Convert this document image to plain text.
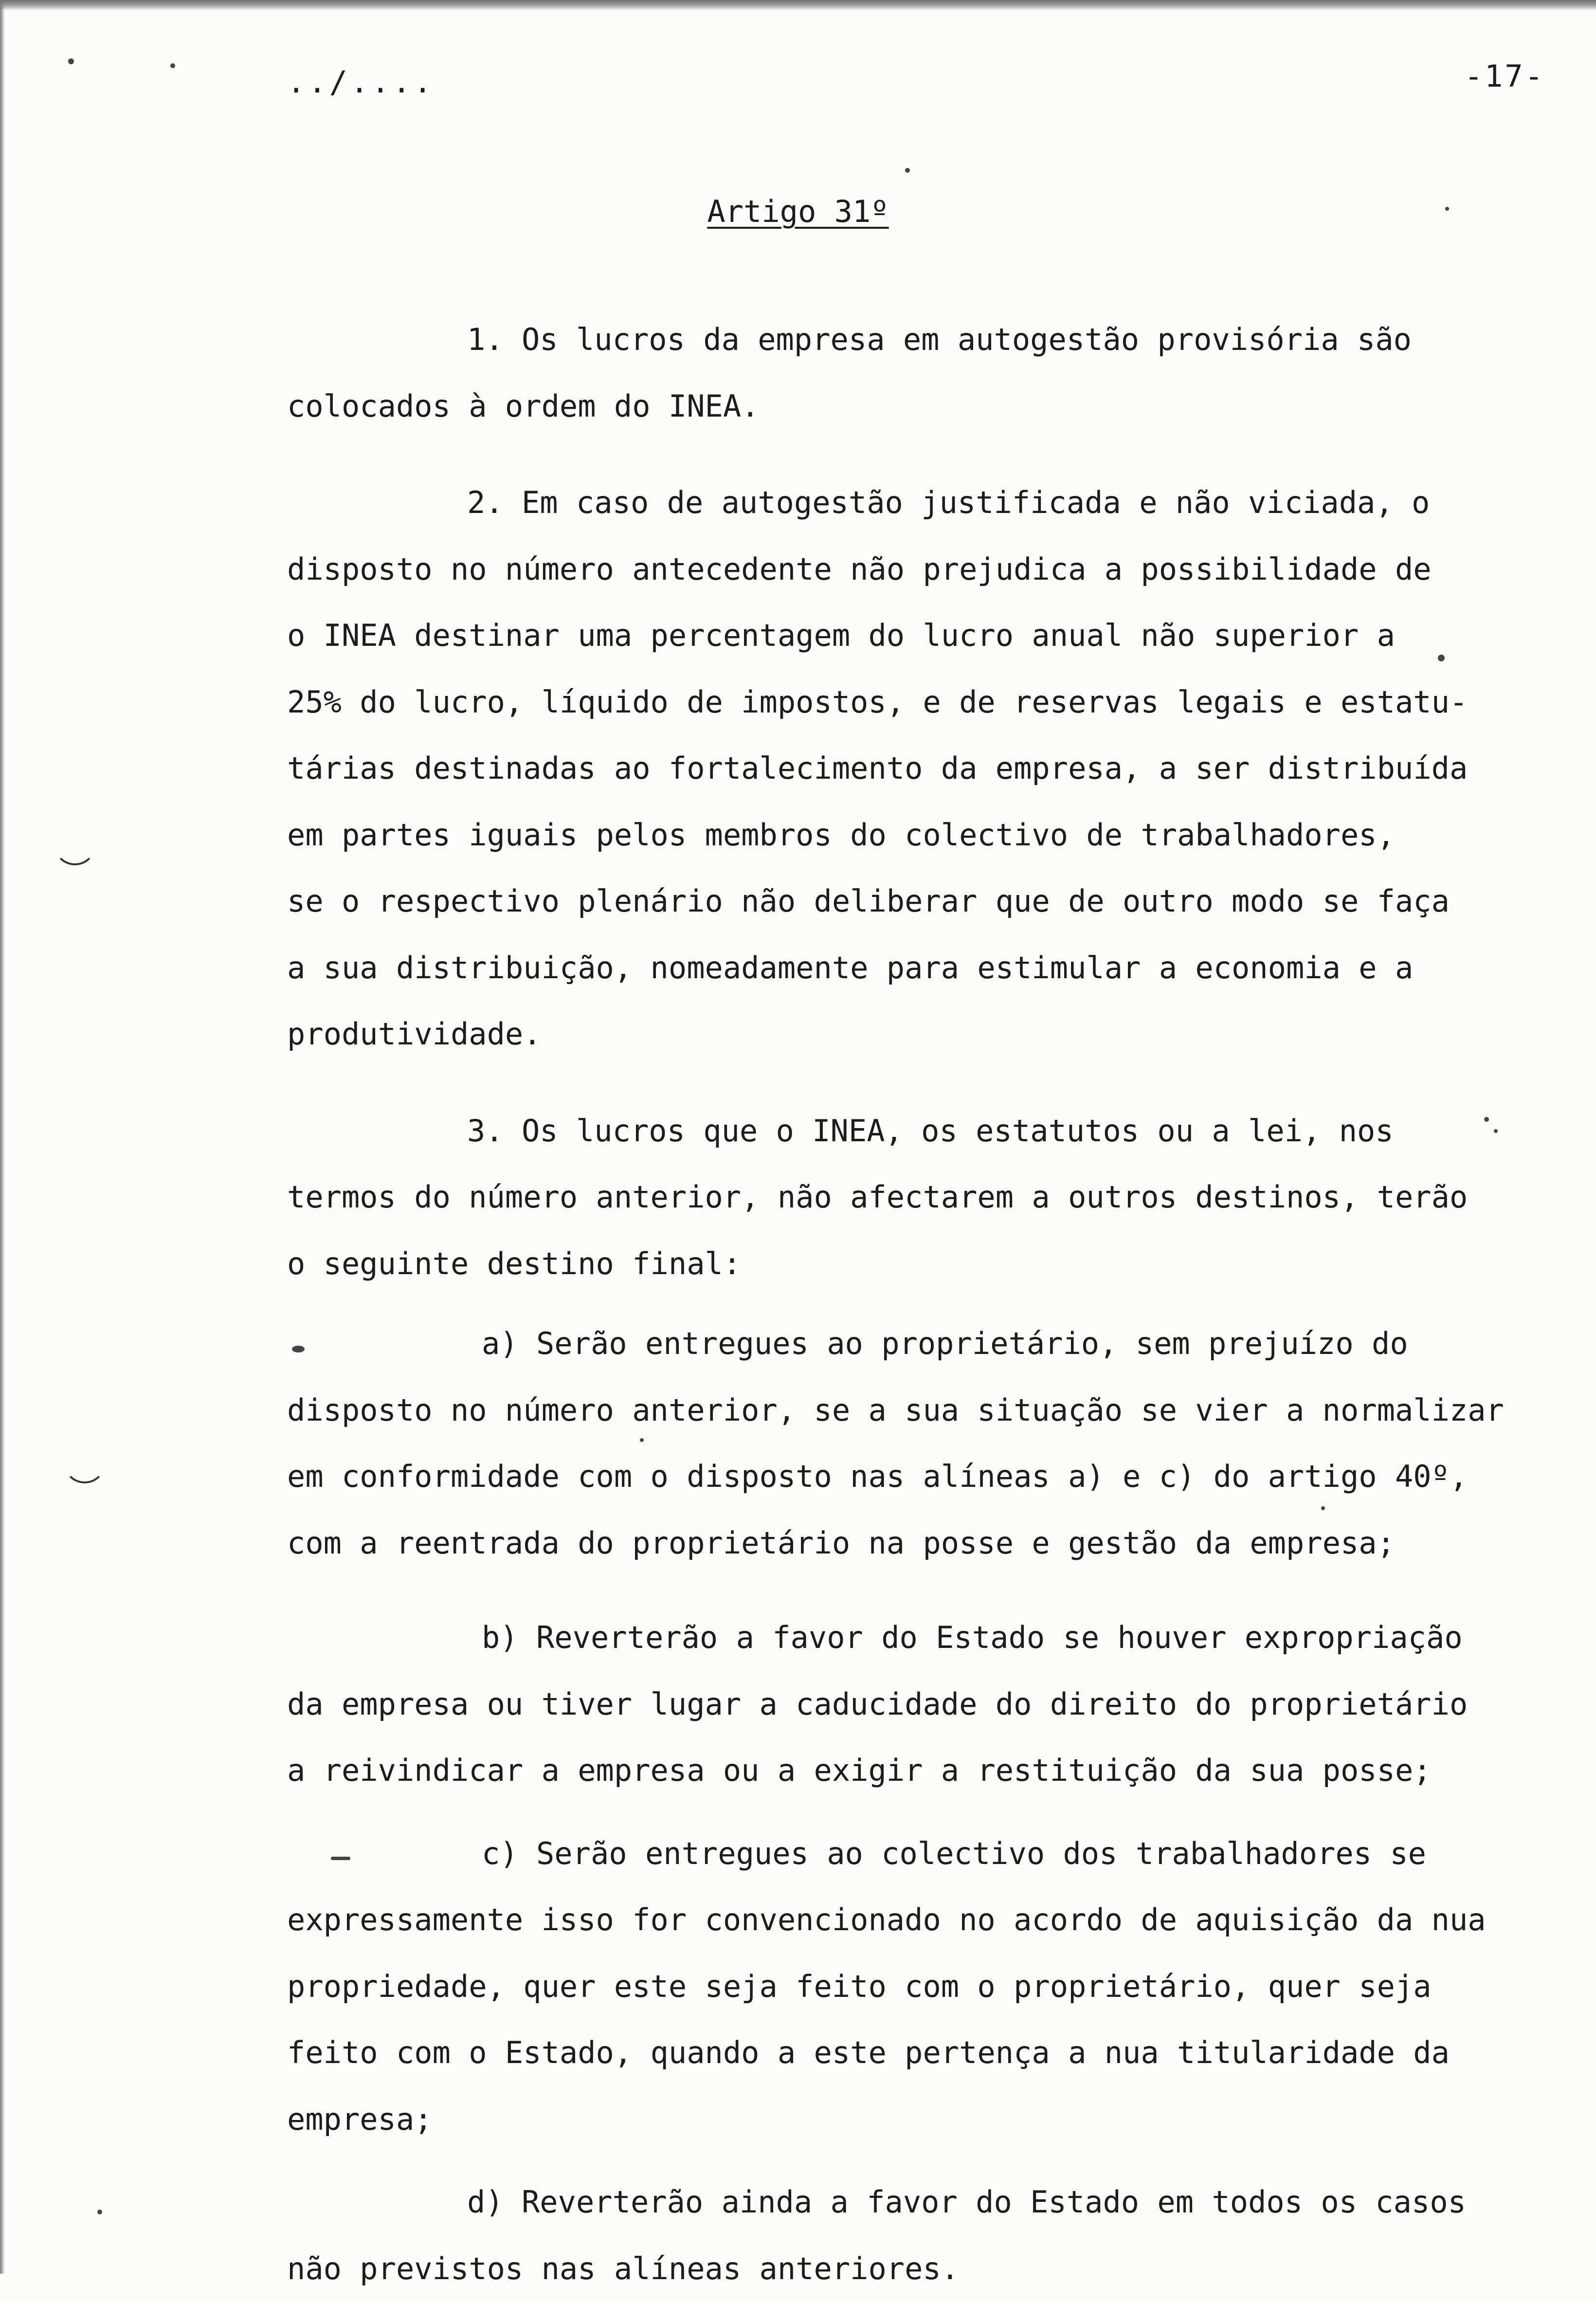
../....	-17-
Artigo 31º
1. Os lucros da empresa em autogestão provisória são
colocados à ordem do INEA.
2. Em caso de autogestão justificada e não viciada, o
disposto no número antecedente não prejudica a possibilidade de
o INEA destinar uma percentagem do lucro anual não superior a
25% do lucro, líquido de impostos, e de reservas legais e estatu-
tárias destinadas ao fortalecimento da empresa, a ser distribuída
em partes iguais pelos membros do colectivo de trabalhadores,
se o respectivo plenário não deliberar que de outro modo se faça
a sua distribuição, nomeadamente para estimular a economia e a
produtividade.
3. Os lucros que o INEA, os estatutos ou a lei, nos
termos do número anterior, não afectarem a outros destinos, terão
o seguinte destino final:
a) Serão entregues ao proprietário, sem prejuízo do
disposto no número anterior, se a sua situação se vier a normalizar
em conformidade com o disposto nas alíneas a) e c) do artigo 40º,
com a reentrada do proprietário na posse e gestão da empresa;
b) Reverterão a favor do Estado se houver expropriação
da empresa ou tiver lugar a caducidade do direito do proprietário
a reivindicar a empresa ou a exigir a restituição da sua posse;
c) Serão entregues ao colectivo dos trabalhadores se
expressamente isso for convencionado no acordo de aquisição da nua
propriedade, quer este seja feito com o proprietário, quer seja
feito com o Estado, quando a este pertença a nua titularidade da
empresa;
d) Reverterão ainda a favor do Estado em todos os casos
não previstos nas alíneas anteriores.
